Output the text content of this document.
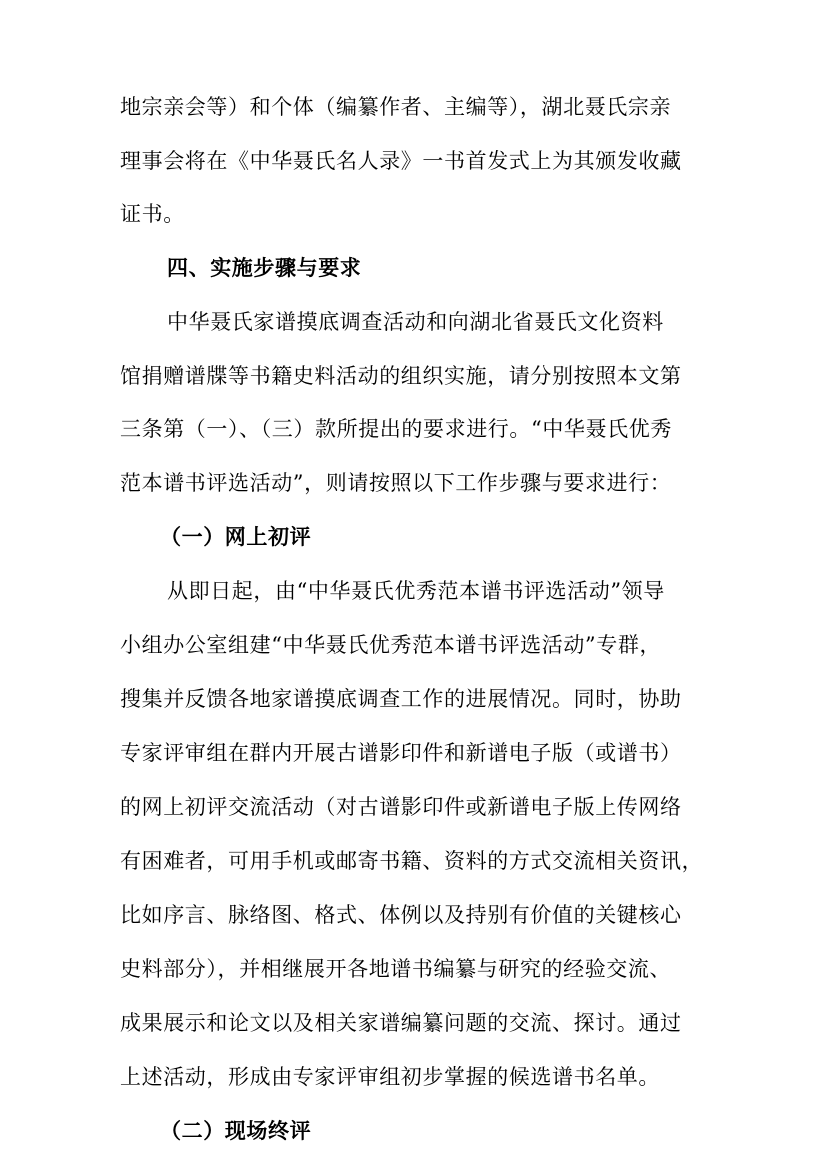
地宗亲会等）和个体（编纂作者、主编等），湖北聂氏宗亲
理事会将在《中华聂氏名人录》一书首发式上为其颁发收藏
证书。
四、实施步骤与要求
中华聂氏家谱摸底调查活动和向湖北省聂氏文化资料
馆捐赠谱牒等书籍史料活动的组织实施，请分别按照本文第
三条第（一）、（三）款所提出的要求进行。“中华聂氏优秀
范本谱书评选活动”，则请按照以下工作步骤与要求进行：
（一）网上初评
从即日起，由“中华聂氏优秀范本谱书评选活动”领导
小组办公室组建“中华聂氏优秀范本谱书评选活动”专群，
搜集并反馈各地家谱摸底调查工作的进展情况。同时，协助
专家评审组在群内开展古谱影印件和新谱电子版（或谱书）
的网上初评交流活动（对古谱影印件或新谱电子版上传网络
有困难者，可用手机或邮寄书籍、资料的方式交流相关资讯，
比如序言、脉络图、格式、体例以及持别有价值的关键核心
史料部分），并相继展开各地谱书编纂与研究的经验交流、
成果展示和论文以及相关家谱编纂问题的交流、探讨。通过
上述活动，形成由专家评审组初步掌握的候选谱书名单。
（二）现场终评
